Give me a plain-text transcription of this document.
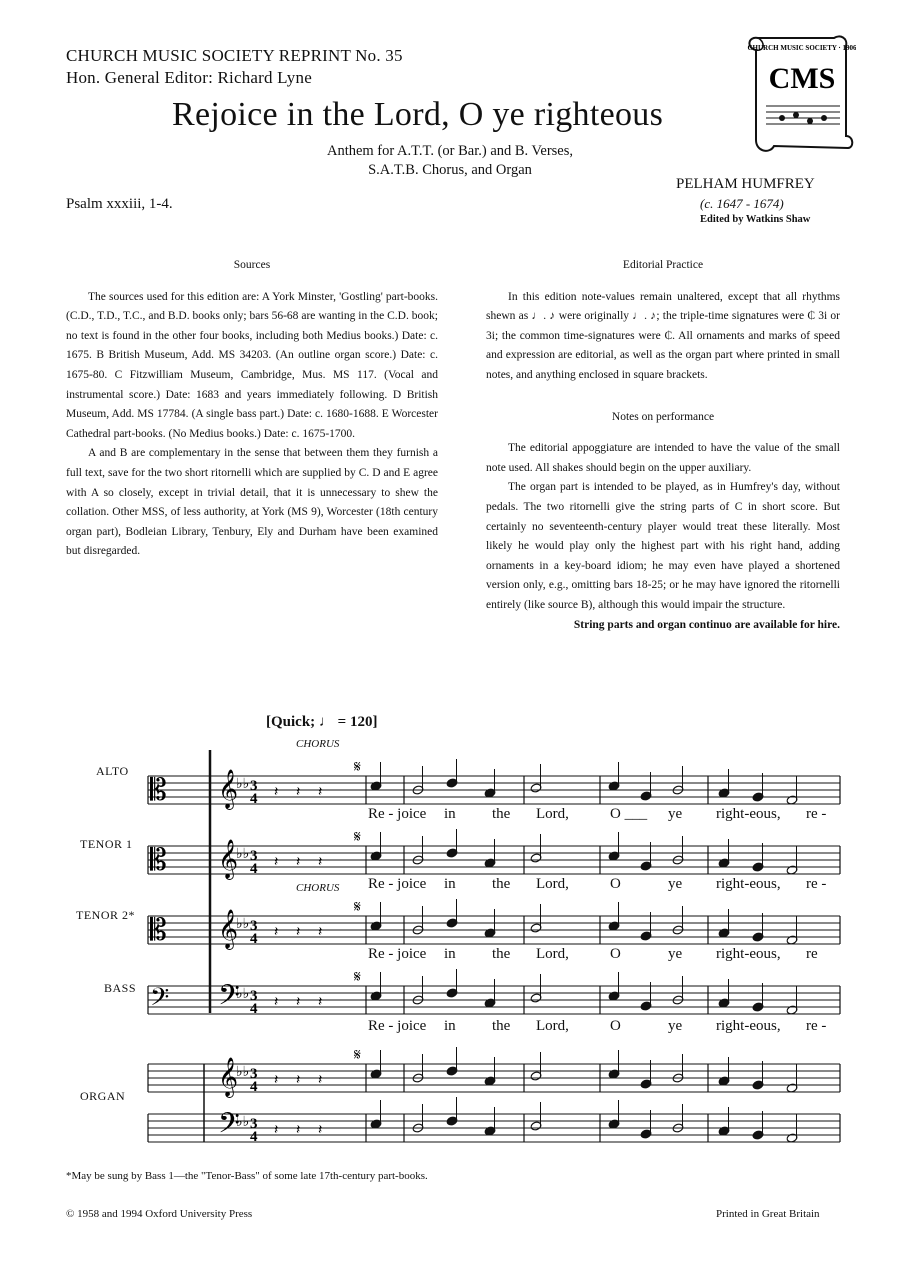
CHURCH MUSIC SOCIETY REPRINT No. 35
Hon. General Editor: Richard Lyne
CHURCH MUSIC SOCIETY · 1906
CMS
Rejoice in the Lord, O ye righteous
Anthem for A.T.T. (or Bar.) and B. Verses,
S.A.T.B. Chorus, and Organ
Psalm xxxiii, 1-4.
PELHAM HUMFREY
(c. 1647 - 1674)
Edited by Watkins Shaw
Sources

The sources used for this edition are: A York Minster, 'Gostling' part-books. (C.D., T.D., T.C., and B.D. books only; bars 56-68 are wanting in the C.D. book; no text is found in the other four books, including both Medius books.) Date: c. 1675. B British Museum, Add. MS 34203. (An outline organ score.) Date: c. 1675-80. C Fitzwilliam Museum, Cambridge, Mus. MS 117. (Vocal and instrumental score.) Date: 1683 and years immediately following. D British Museum, Add. MS 17784. (A single bass part.) Date: c. 1680-1688. E Worcester Cathedral part-books. (No Medius books.) Date: c. 1675-1700.

A and B are complementary in the sense that between them they furnish a full text, save for the two short ritornelli which are supplied by C. D and E agree with A so closely, except in trivial detail, that it is unnecessary to shew the collation. Other MSS, of less authority, at York (MS 9), Worcester (18th century organ part), Bodleian Library, Tenbury, Ely and Durham have been examined but disregarded.

Editorial Practice

In this edition note-values remain unaltered, except that all rhythms shewn as ♩. ♪ were originally ♩. ♪; the triple-time signatures were ₵ 3i or 3i; the common time-signatures were ₵. All ornaments and marks of speed and expression are editorial, as well as the organ part where printed in small notes, and anything enclosed in square brackets.

Notes on performance

The editorial appoggiature are intended to have the value of the small note used. All shakes should begin on the upper auxiliary.

The organ part is intended to be played, as in Humfrey's day, without pedals. The two ritornelli give the string parts of C in short score. But certainly no seventeenth-century player would treat these literally. Most likely he would play only the highest part with his right hand, adding ornaments in a key-board idiom; he may even have played a shortened version only, e.g., omitting bars 18-25; or he may have ignored the ritornelli entirely (like source B), although this would impair the structure.

String parts and organ continuo are available for hire.

[Quick; ♩ = 120]
𝄞 3
4
♭♭
𝄡	𝄽 𝄽 𝄽
𝄞 3
4
♭♭
𝄡	𝄽 𝄽 𝄽
𝄞 3
4
♭♭
𝄡	𝄽 𝄽 𝄽
𝄢 3
4
♭♭
𝄢	𝄽 𝄽 𝄽
𝄞 3
4
♭♭
𝄽 𝄽 𝄽
𝄢 3
4
♭♭
𝄽 𝄽 𝄽
𝄋
𝄋
𝄋
𝄋
𝄋
ALTO
TENOR 1
TENOR 2*
BASS
ORGAN
CHORUS
CHORUS
Re - joice in the Lord,	O ___ ye right-eous, re -
Re - joice in the Lord,	O	ye right-eous, re -
Re - joice in the Lord,	O	ye right-eous, re
Re - joice in the Lord,	O	ye right-eous, re -
*May be sung by Bass 1—the "Tenor-Bass" of some late 17th-century part-books.
© 1958 and 1994 Oxford University Press	Printed in Great Britain
